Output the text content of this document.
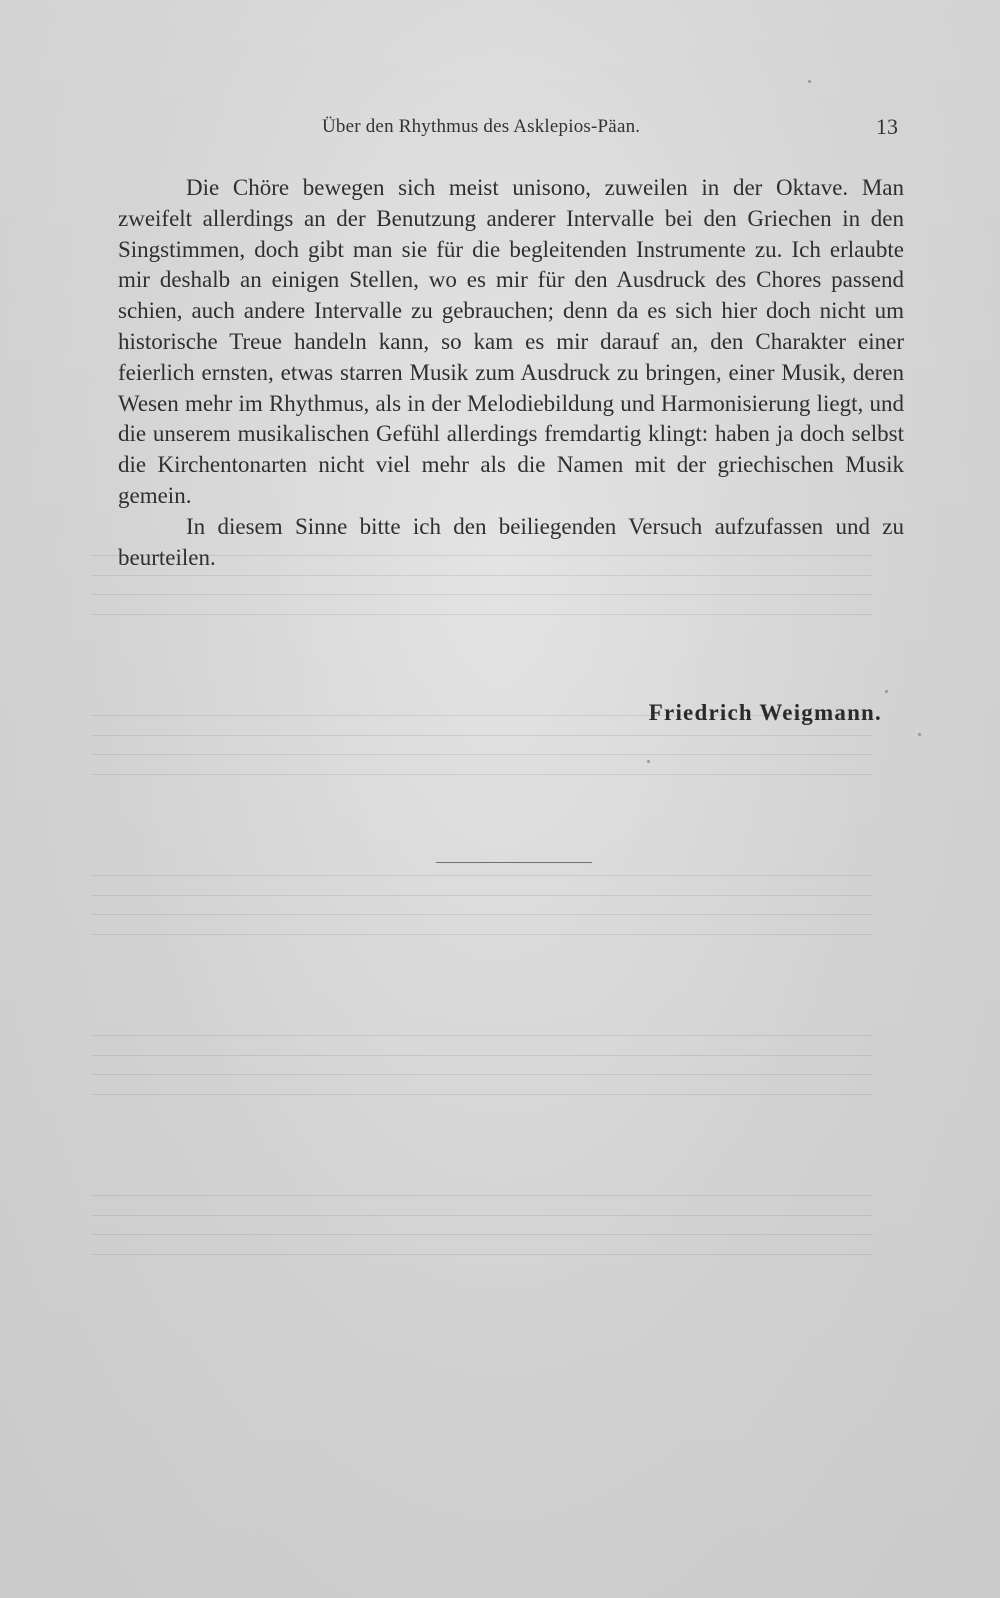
Über den Rhythmus des Asklepios-Päan.	13

Die Chöre bewegen sich meist unisono, zuweilen in der Oktave. Man zweifelt allerdings an der Benutzung anderer Intervalle bei den Griechen in den Singstimmen, doch gibt man sie für die begleitenden Instrumente zu. Ich erlaubte mir deshalb an einigen Stellen, wo es mir für den Ausdruck des Chores passend schien, auch andere Intervalle zu gebrauchen; denn da es sich hier doch nicht um historische Treue handeln kann, so kam es mir darauf an, den Charakter einer feierlich ernsten, etwas starren Musik zum Ausdruck zu bringen, einer Musik, deren Wesen mehr im Rhythmus, als in der Melodiebildung und Harmonisierung liegt, und die unserem musikalischen Gefühl allerdings fremdartig klingt: haben ja doch selbst die Kirchentonarten nicht viel mehr als die Namen mit der griechischen Musik gemein.

In diesem Sinne bitte ich den beiliegenden Versuch aufzufassen und zu beurteilen.

Friedrich Weigmann.
